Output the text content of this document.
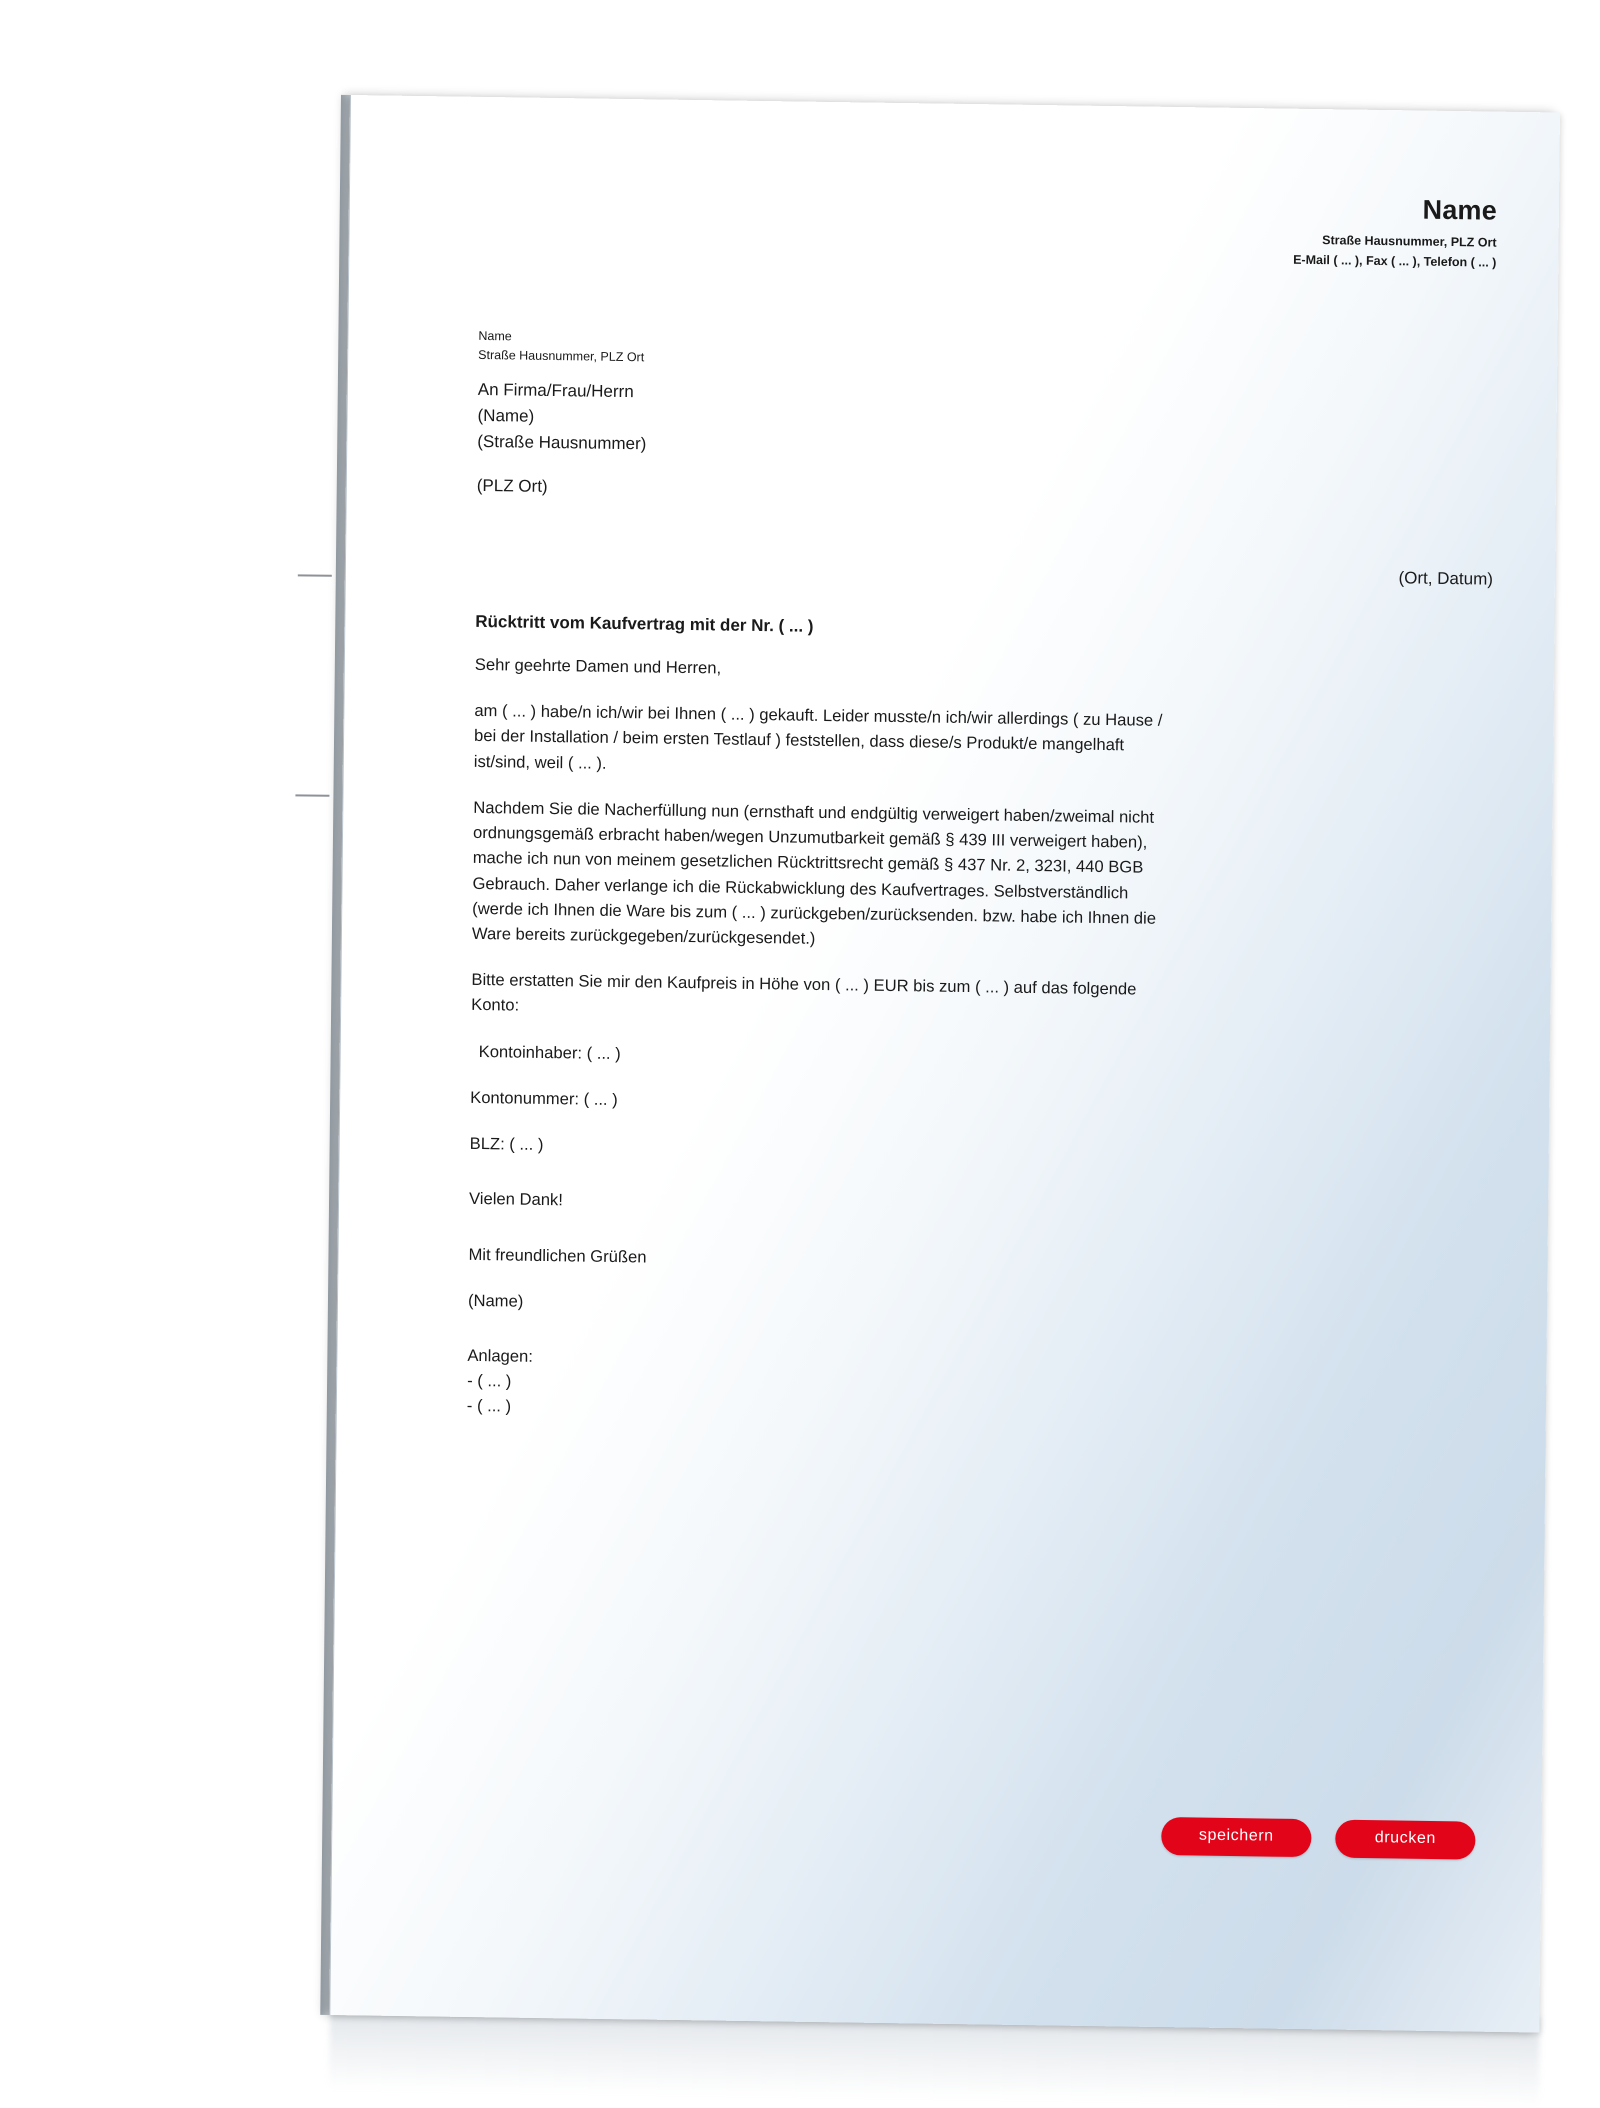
Name
Straße Hausnummer, PLZ Ort
E-Mail ( ... ), Fax ( ... ), Telefon ( ... )
Name
Straße Hausnummer, PLZ Ort
An Firma/Frau/Herrn
(Name)
(Straße Hausnummer)
(PLZ Ort)
(Ort, Datum)
Rücktritt vom Kaufvertrag mit der Nr. ( ... )

Sehr geehrte Damen und Herren,

am ( ... ) habe/n ich/wir bei Ihnen ( ... ) gekauft. Leider musste/n ich/wir allerdings ( zu Hause / bei der Installation / beim ersten Testlauf ) feststellen, dass diese/s Produkt/e mangelhaft ist/sind, weil ( ... ).

Nachdem Sie die Nacherfüllung nun (ernsthaft und endgültig verweigert haben/zweimal nicht ordnungsgemäß erbracht haben/wegen Unzumutbarkeit gemäß § 439 III verweigert haben), mache ich nun von meinem gesetzlichen Rücktrittsrecht gemäß § 437 Nr. 2, 323I, 440 BGB Gebrauch. Daher verlange ich die Rückabwicklung des Kaufvertrages. Selbstverständlich (werde ich Ihnen die Ware bis zum ( ... ) zurückgeben/zurücksenden. bzw. habe ich Ihnen die Ware bereits zurückgegeben/zurückgesendet.)

Bitte erstatten Sie mir den Kaufpreis in Höhe von ( ... ) EUR bis zum ( ... ) auf das folgende Konto:

Kontoinhaber: ( ... )

Kontonummer: ( ... )

BLZ: ( ... )

Vielen Dank!

Mit freundlichen Grüßen

(Name)

Anlagen:

- ( ... )

- ( ... )

speichern	drucken
